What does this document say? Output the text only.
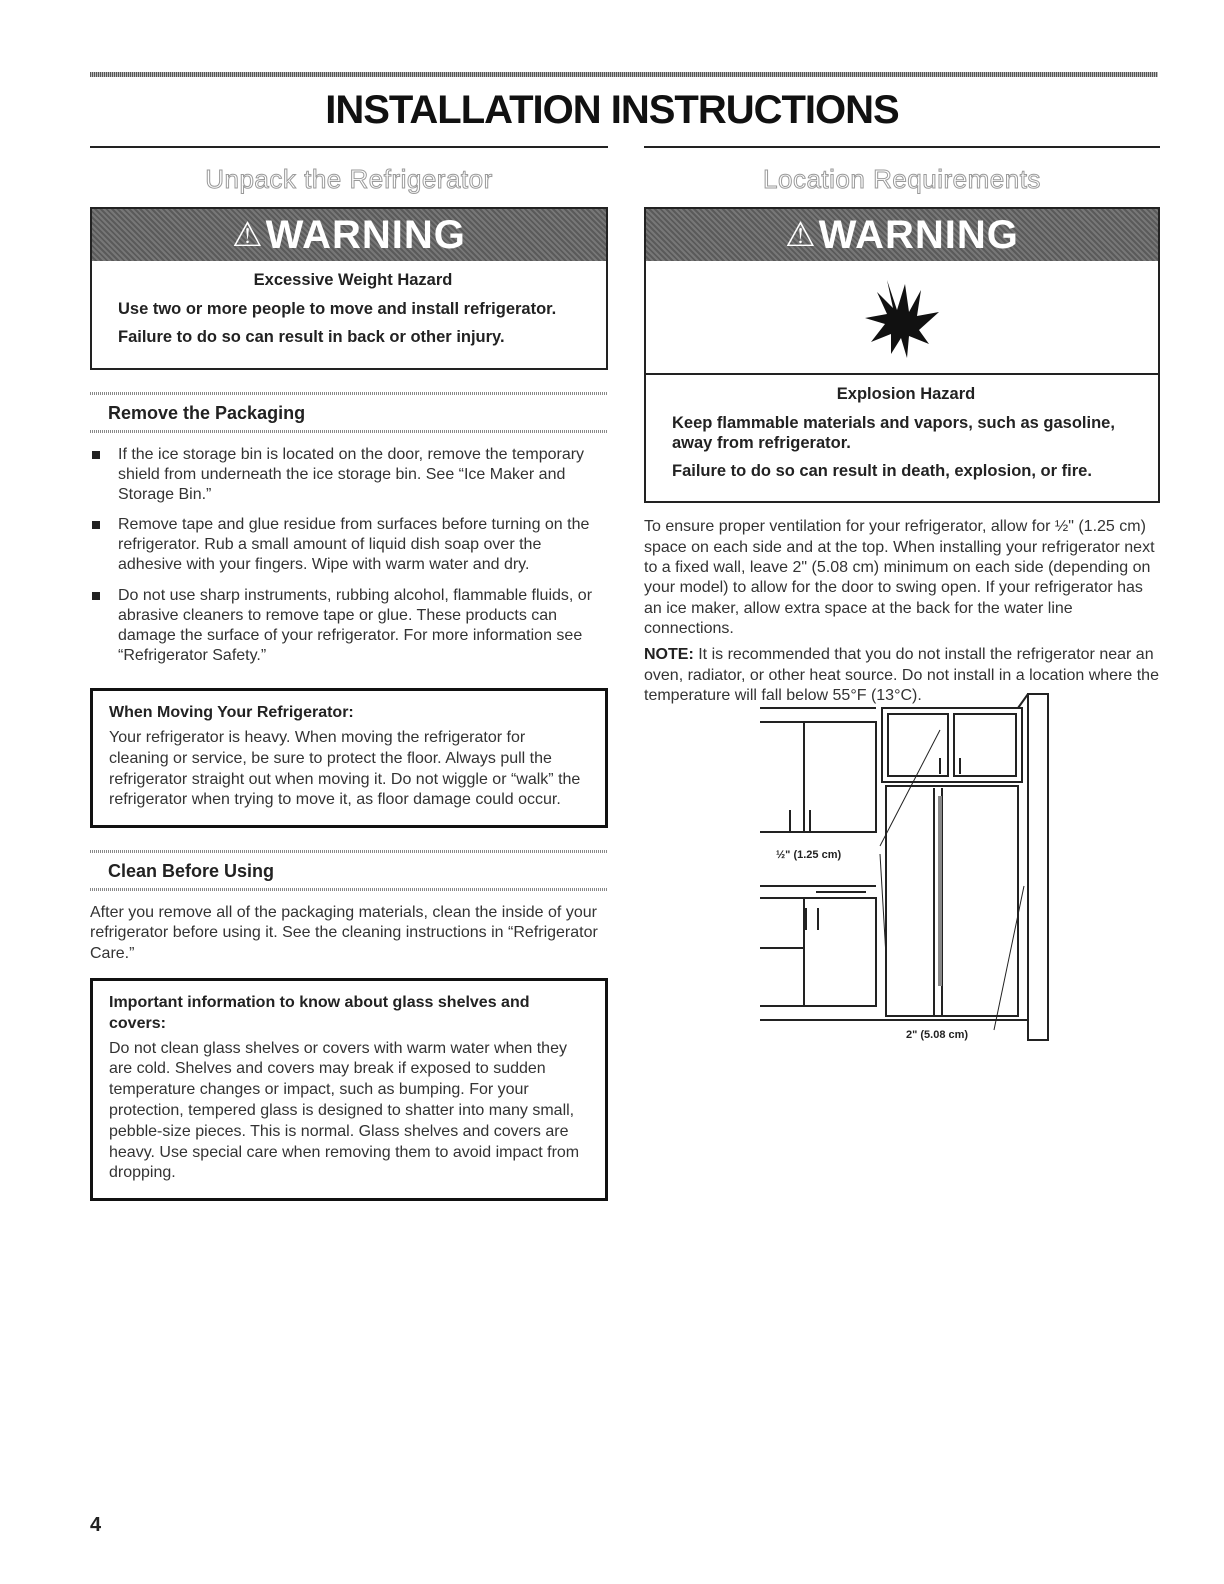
INSTALLATION INSTRUCTIONS
Unpack the Refrigerator
⚠ WARNING
Excessive Weight Hazard

Use two or more people to move and install refrigerator.

Failure to do so can result in back or other injury.

Remove the Packaging
If the ice storage bin is located on the door, remove the temporary shield from underneath the ice storage bin. See “Ice Maker and Storage Bin.”
Remove tape and glue residue from surfaces before turning on the refrigerator. Rub a small amount of liquid dish soap over the adhesive with your fingers. Wipe with warm water and dry.
Do not use sharp instruments, rubbing alcohol, flammable fluids, or abrasive cleaners to remove tape or glue. These products can damage the surface of your refrigerator. For more information see “Refrigerator Safety.”
When Moving Your Refrigerator:

Your refrigerator is heavy. When moving the refrigerator for cleaning or service, be sure to protect the floor. Always pull the refrigerator straight out when moving it. Do not wiggle or “walk” the refrigerator when trying to move it, as floor damage could occur.

Clean Before Using

After you remove all of the packaging materials, clean the inside of your refrigerator before using it. See the cleaning instructions in “Refrigerator Care.”

Important information to know about glass shelves and covers:

Do not clean glass shelves or covers with warm water when they are cold. Shelves and covers may break if exposed to sudden temperature changes or impact, such as bumping. For your protection, tempered glass is designed to shatter into many small, pebble-size pieces. This is normal. Glass shelves and covers are heavy. Use special care when removing them to avoid impact from dropping.

Location Requirements
⚠ WARNING
Explosion Hazard

Keep flammable materials and vapors, such as gasoline, away from refrigerator.

Failure to do so can result in death, explosion, or fire.

To ensure proper ventilation for your refrigerator, allow for ½" (1.25 cm) space on each side and at the top. When installing your refrigerator next to a fixed wall, leave 2" (5.08 cm) minimum on each side (depending on your model) to allow for the door to swing open. If your refrigerator has an ice maker, allow extra space at the back for the water line connections.

NOTE: It is recommended that you do not install the refrigerator near an oven, radiator, or other heat source. Do not install in a location where the temperature will fall below 55°F (13°C).

½" (1.25 cm)
2" (5.08 cm)
4
